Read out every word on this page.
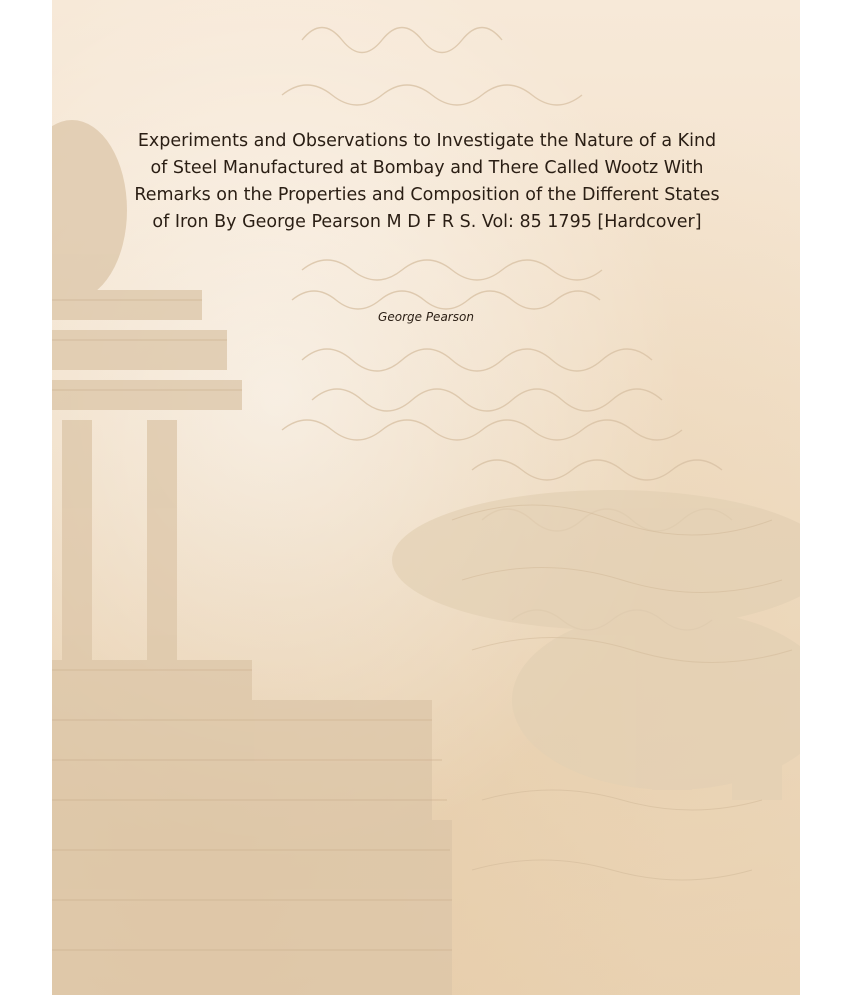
Experiments and Observations to Investigate the Nature of a Kind
of Steel Manufactured at Bombay and There Called Wootz With
Remarks on the Properties and Composition of the Different States
of Iron By George Pearson M D F R S. Vol: 85 1795 [Hardcover]

George Pearson
